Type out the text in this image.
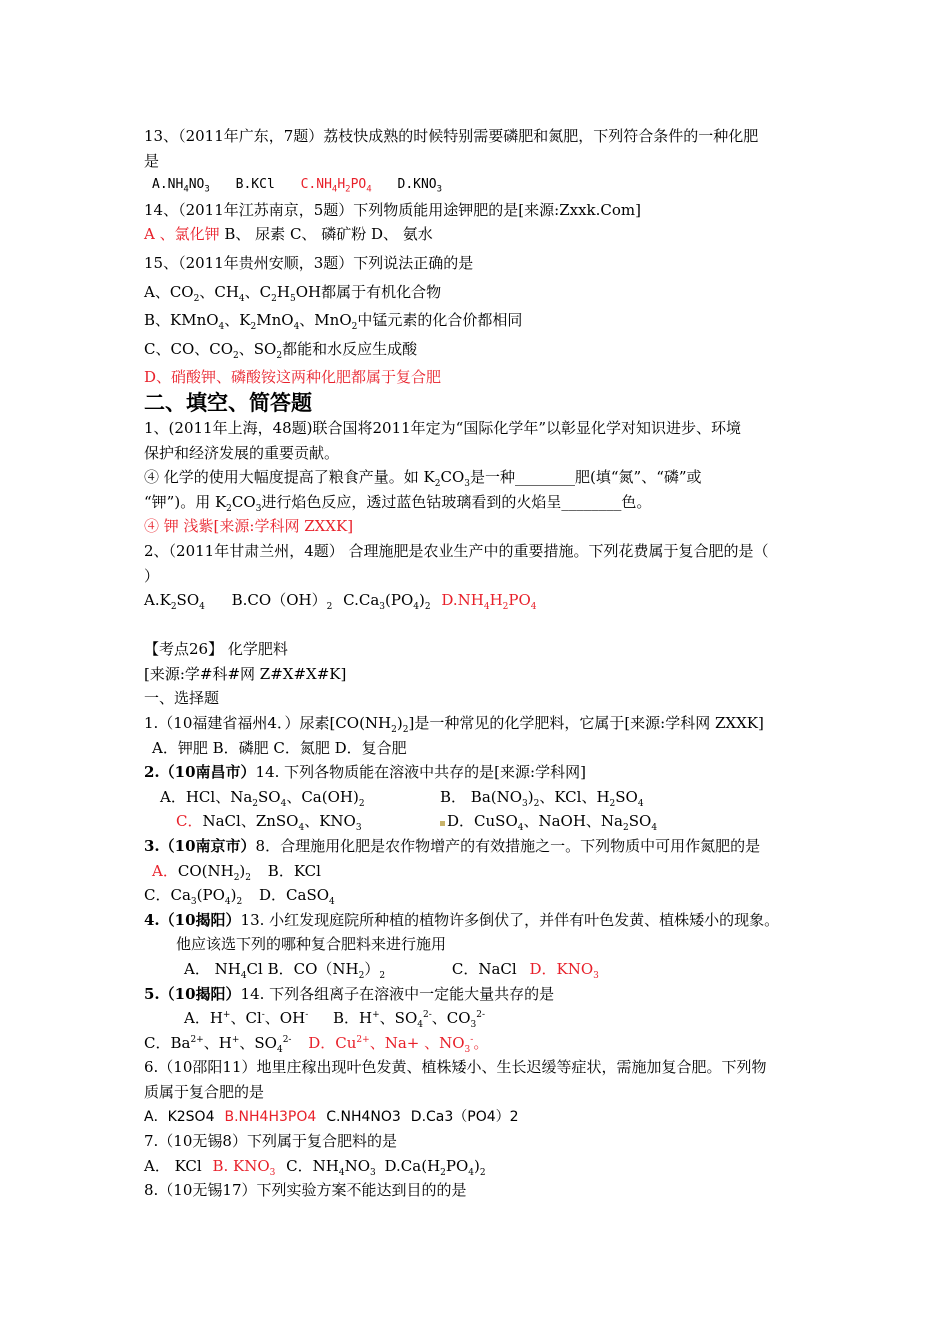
13、（2011年广东，7题）荔枝快成熟的时候特别需要磷肥和氮肥，下列符合条件的一种化肥
是
$A.NH_4NO_3$ B.KCl $C.NH_4H_2PO_4$ $D.KNO_3$
14、（2011年江苏南京，5题）下列物质能用途钾肥的是[来源:Zxxk.Com]
A 、氯化钾 B、 尿素 C、 磷矿粉 D、 氨水
15、（2011年贵州安顺，3题）下列说法正确的是
A、$CO_2$、$CH_4$、$C_2H_5OH$都属于有机化合物
B、KMnO$_4$、$K_2MnO_4$、MnO$_2$中锰元素的化合价都相同
C、CO、$CO_2$、$SO_2$都能和水反应生成酸
D、硝酸钾、磷酸铵这两种化肥都属于复合肥
二、填空、简答题
1、(2011年上海，48题)联合国将2011年定为“国际化学年”以彰显化学对知识进步、环境
保护和经济发展的重要贡献。
④ 化学的使用大幅度提高了粮食产量。如 $K_2CO_3$是一种________肥(填“氮”、“磷”或
“钾”)。用 $K_2CO_3$进行焰色反应，透过蓝色钴玻璃看到的火焰呈________色。
④ 钾 浅紫[来源:学科网 ZXXK]
2、（2011年甘肃兰州，4题） 合理施肥是农业生产中的重要措施。下列花费属于复合肥的是（
）
$A.K_2SO_4$ $B.CO(OH)_2$ $C.Ca_3(PO_4)_2$ $D.NH_4H_2PO_4$
【考点26】 化学肥料
[来源:学#科#网 Z#X#X#K]
一、选择题
1.（10福建省福州4．）尿素$[CO(NH_2)_2]$是一种常见的化学肥料，它属于[来源:学科网 ZXXK]
A．钾肥 B．磷肥 C．氮肥 D．复合肥
2.（10南昌市）14. 下列各物质能在溶液中共存的是[来源:学科网]
A．HCl、$Na_2SO_4$、$Ca(OH)_2$	B． $Ba(NO_3)_2$、KCl、$H_2SO_4$
C．NaCl、ZnSO$_4$、$KNO_3$	D．CuSO$_4$、NaOH、$Na_2SO_4$
3.（10南京市）8．合理施用化肥是农作物增产的有效措施之一。下列物质中可用作氮肥的是
A．$CO(NH_2)_2$ B．KCl
C．$Ca_3(PO_4)_2$ D．CaSO$_4$
4.（10揭阳）13. 小红发现庭院所种植的植物许多倒伏了，并伴有叶色发黄、植株矮小的现象。
他应该选下列的哪种复合肥料来进行施用
A． $NH_4Cl$ B．$CO(NH_2)_2$	C．NaCl D．$KNO_3$
5.（10揭阳）14. 下列各组离子在溶液中一定能大量共存的是
A．H+、Cl-、OH- B．H+、$SO_4^{2-}$、$CO_3^{2-}$
C．$Ba^{2+}$、H+、$SO_4^{2-}$ D．$Cu^{2+}$、Na+ 、$NO_3^-$。
6.（10邵阳11）地里庄稼出现叶色发黄、植株矮小、生长迟缓等症状，需施加复合肥。下列物
质属于复合肥的是
A．K2SO4 B.NH4H3PO4 C.NH4NO3 D.Ca3（PO4）2
7.（10无锡8）下列属于复合肥料的是
A． KCl B. $KNO_3$ C．$NH_4NO_3$ $D.Ca(H_2PO_4)_2$
8.（10无锡17）下列实验方案不能达到目的的是
